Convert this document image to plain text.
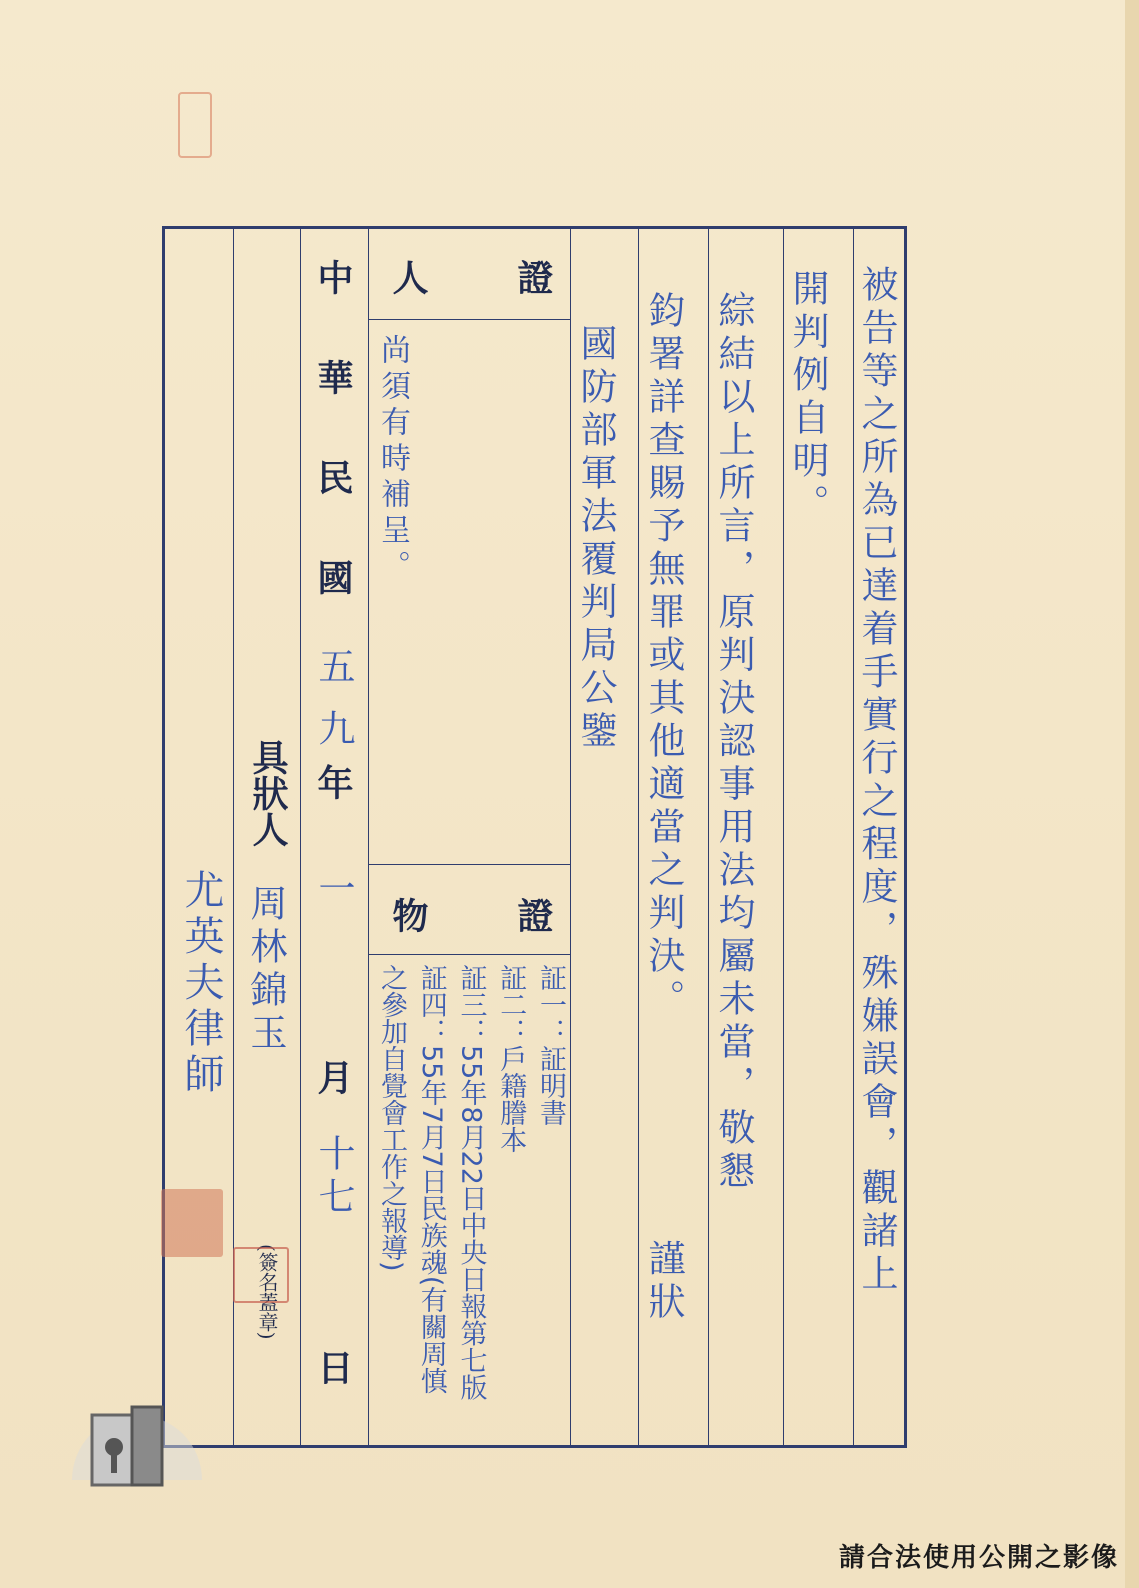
被告等之所為已達着手實行之程度，殊嫌誤會，觀諸上
開判例自明。
綜結以上所言，原判決認事用法均屬未當，敬懇
鈞署詳查賜予無罪或其他適當之判決。
謹狀
國防部軍法覆判局公鑒
證
人
尚須有時補呈。
證
物
証一：証明書
証二：戶籍謄本
証三：55年8月22日中央日報第七版
証四：55年7月7日民族魂(有關周慎
之參加自覺會工作之報導)
中
華
民
國
五
九
年
一
月
十七
日
具狀人
周林錦玉
(簽名蓋章)
尤英夫律師
請合法使用公開之影像
